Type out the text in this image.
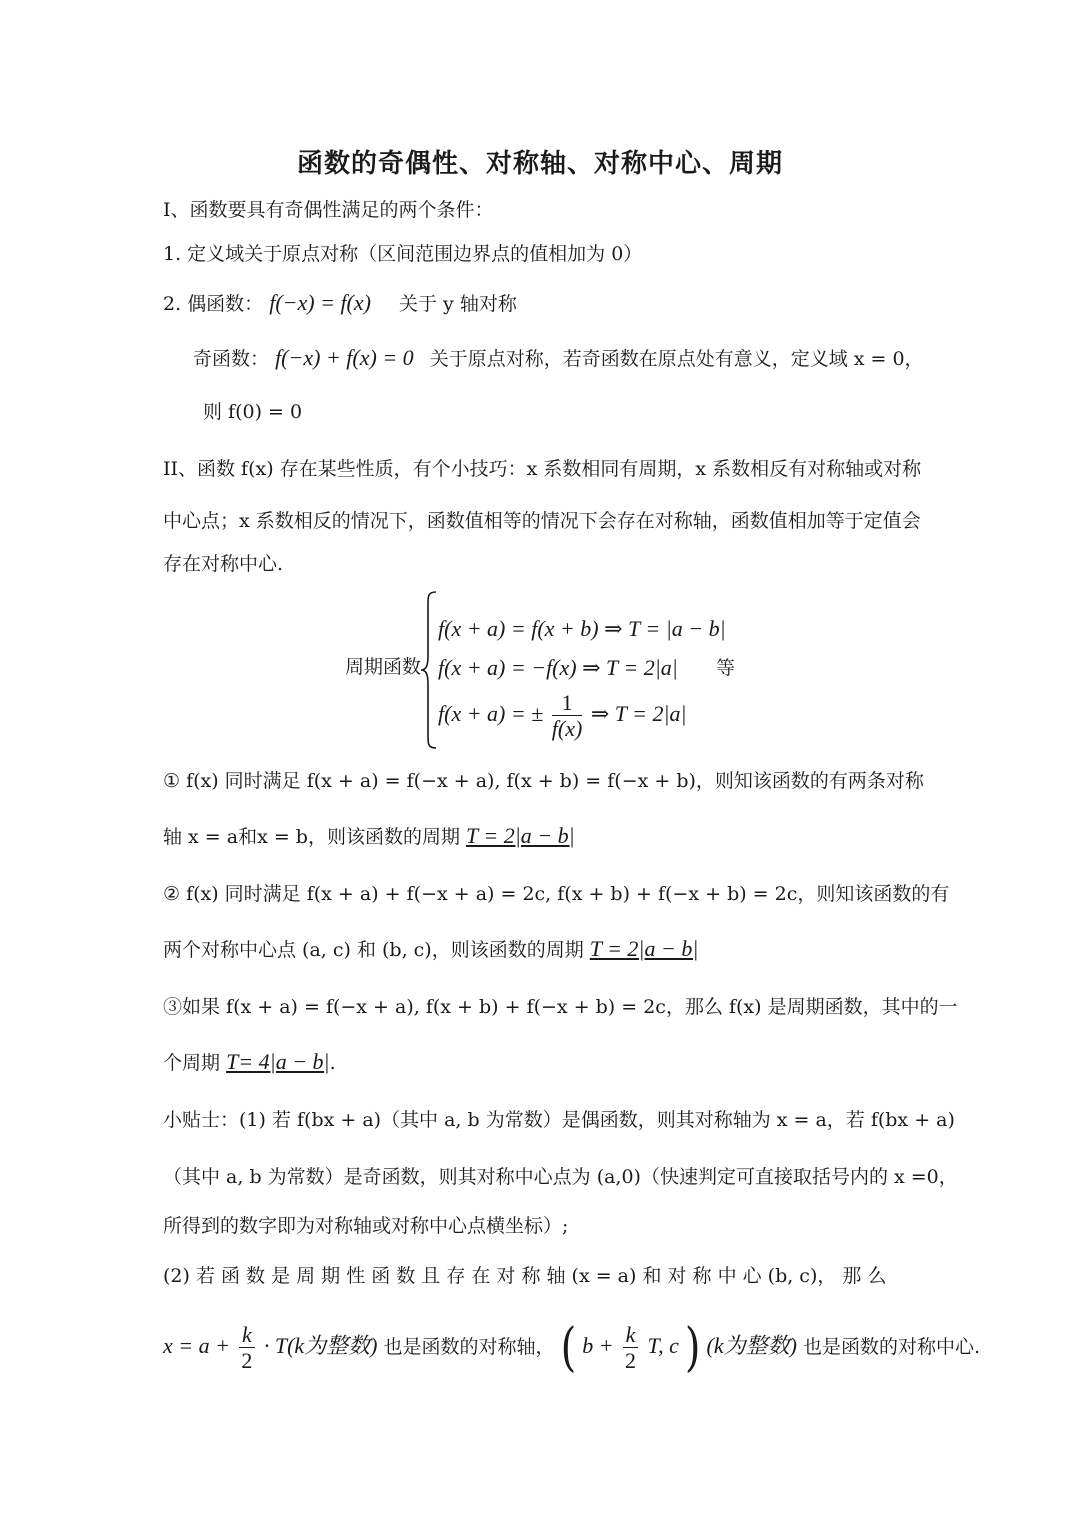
函数的奇偶性、对称轴、对称中心、周期
I、函数要具有奇偶性满足的两个条件：
1. 定义域关于原点对称（区间范围边界点的值相加为 0）
2. 偶函数： f(−x) = f(x) 关于 y 轴对称
奇函数： f(−x) + f(x) = 0 关于原点对称，若奇函数在原点处有意义，定义域 x = 0，
则 f(0) = 0
II、函数 f(x) 存在某些性质，有个小技巧：x 系数相同有周期，x 系数相反有对称轴或对称
中心点；x 系数相反的情况下，函数值相等的情况下会存在对称轴，函数值相加等于定值会
存在对称中心.
周期函数
f(x + a) = f(x + b) ⇒ T = |a − b|
f(x + a) = −f(x) ⇒ T = 2|a|
f(x + a) = ± $\frac{1}{f(x)}$ ⇒ T = 2|a|
等
① f(x) 同时满足 f(x + a) = f(−x + a), f(x + b) = f(−x + b)，则知该函数的有两条对称
轴 x = a和x = b，则该函数的周期 T = 2|a − b|
② f(x) 同时满足 f(x + a) + f(−x + a) = 2c, f(x + b) + f(−x + b) = 2c，则知该函数的有
两个对称中心点 (a, c) 和 (b, c)，则该函数的周期 T = 2|a − b|
③如果 f(x + a) = f(−x + a), f(x + b) + f(−x + b) = 2c，那么 f(x) 是周期函数，其中的一
个周期 T= 4|a − b|.
小贴士：(1) 若 f(bx + a)（其中 a, b 为常数）是偶函数，则其对称轴为 x = a，若 f(bx + a)
（其中 a, b 为常数）是奇函数，则其对称中心点为 (a,0)（快速判定可直接取括号内的 x =0，
所得到的数字即为对称轴或对称中心点横坐标）;
(2) 若 函 数 是 周 期 性 函 数 且 存 在 对 称 轴 (x = a) 和 对 称 中 心 (b, c)， 那 么
$x = a + \frac{k}{2} \cdot T(k$为整数) 也是函数的对称轴， ( $b + \frac{k}{2} T$, c ) (k为整数) 也是函数的对称中心.
